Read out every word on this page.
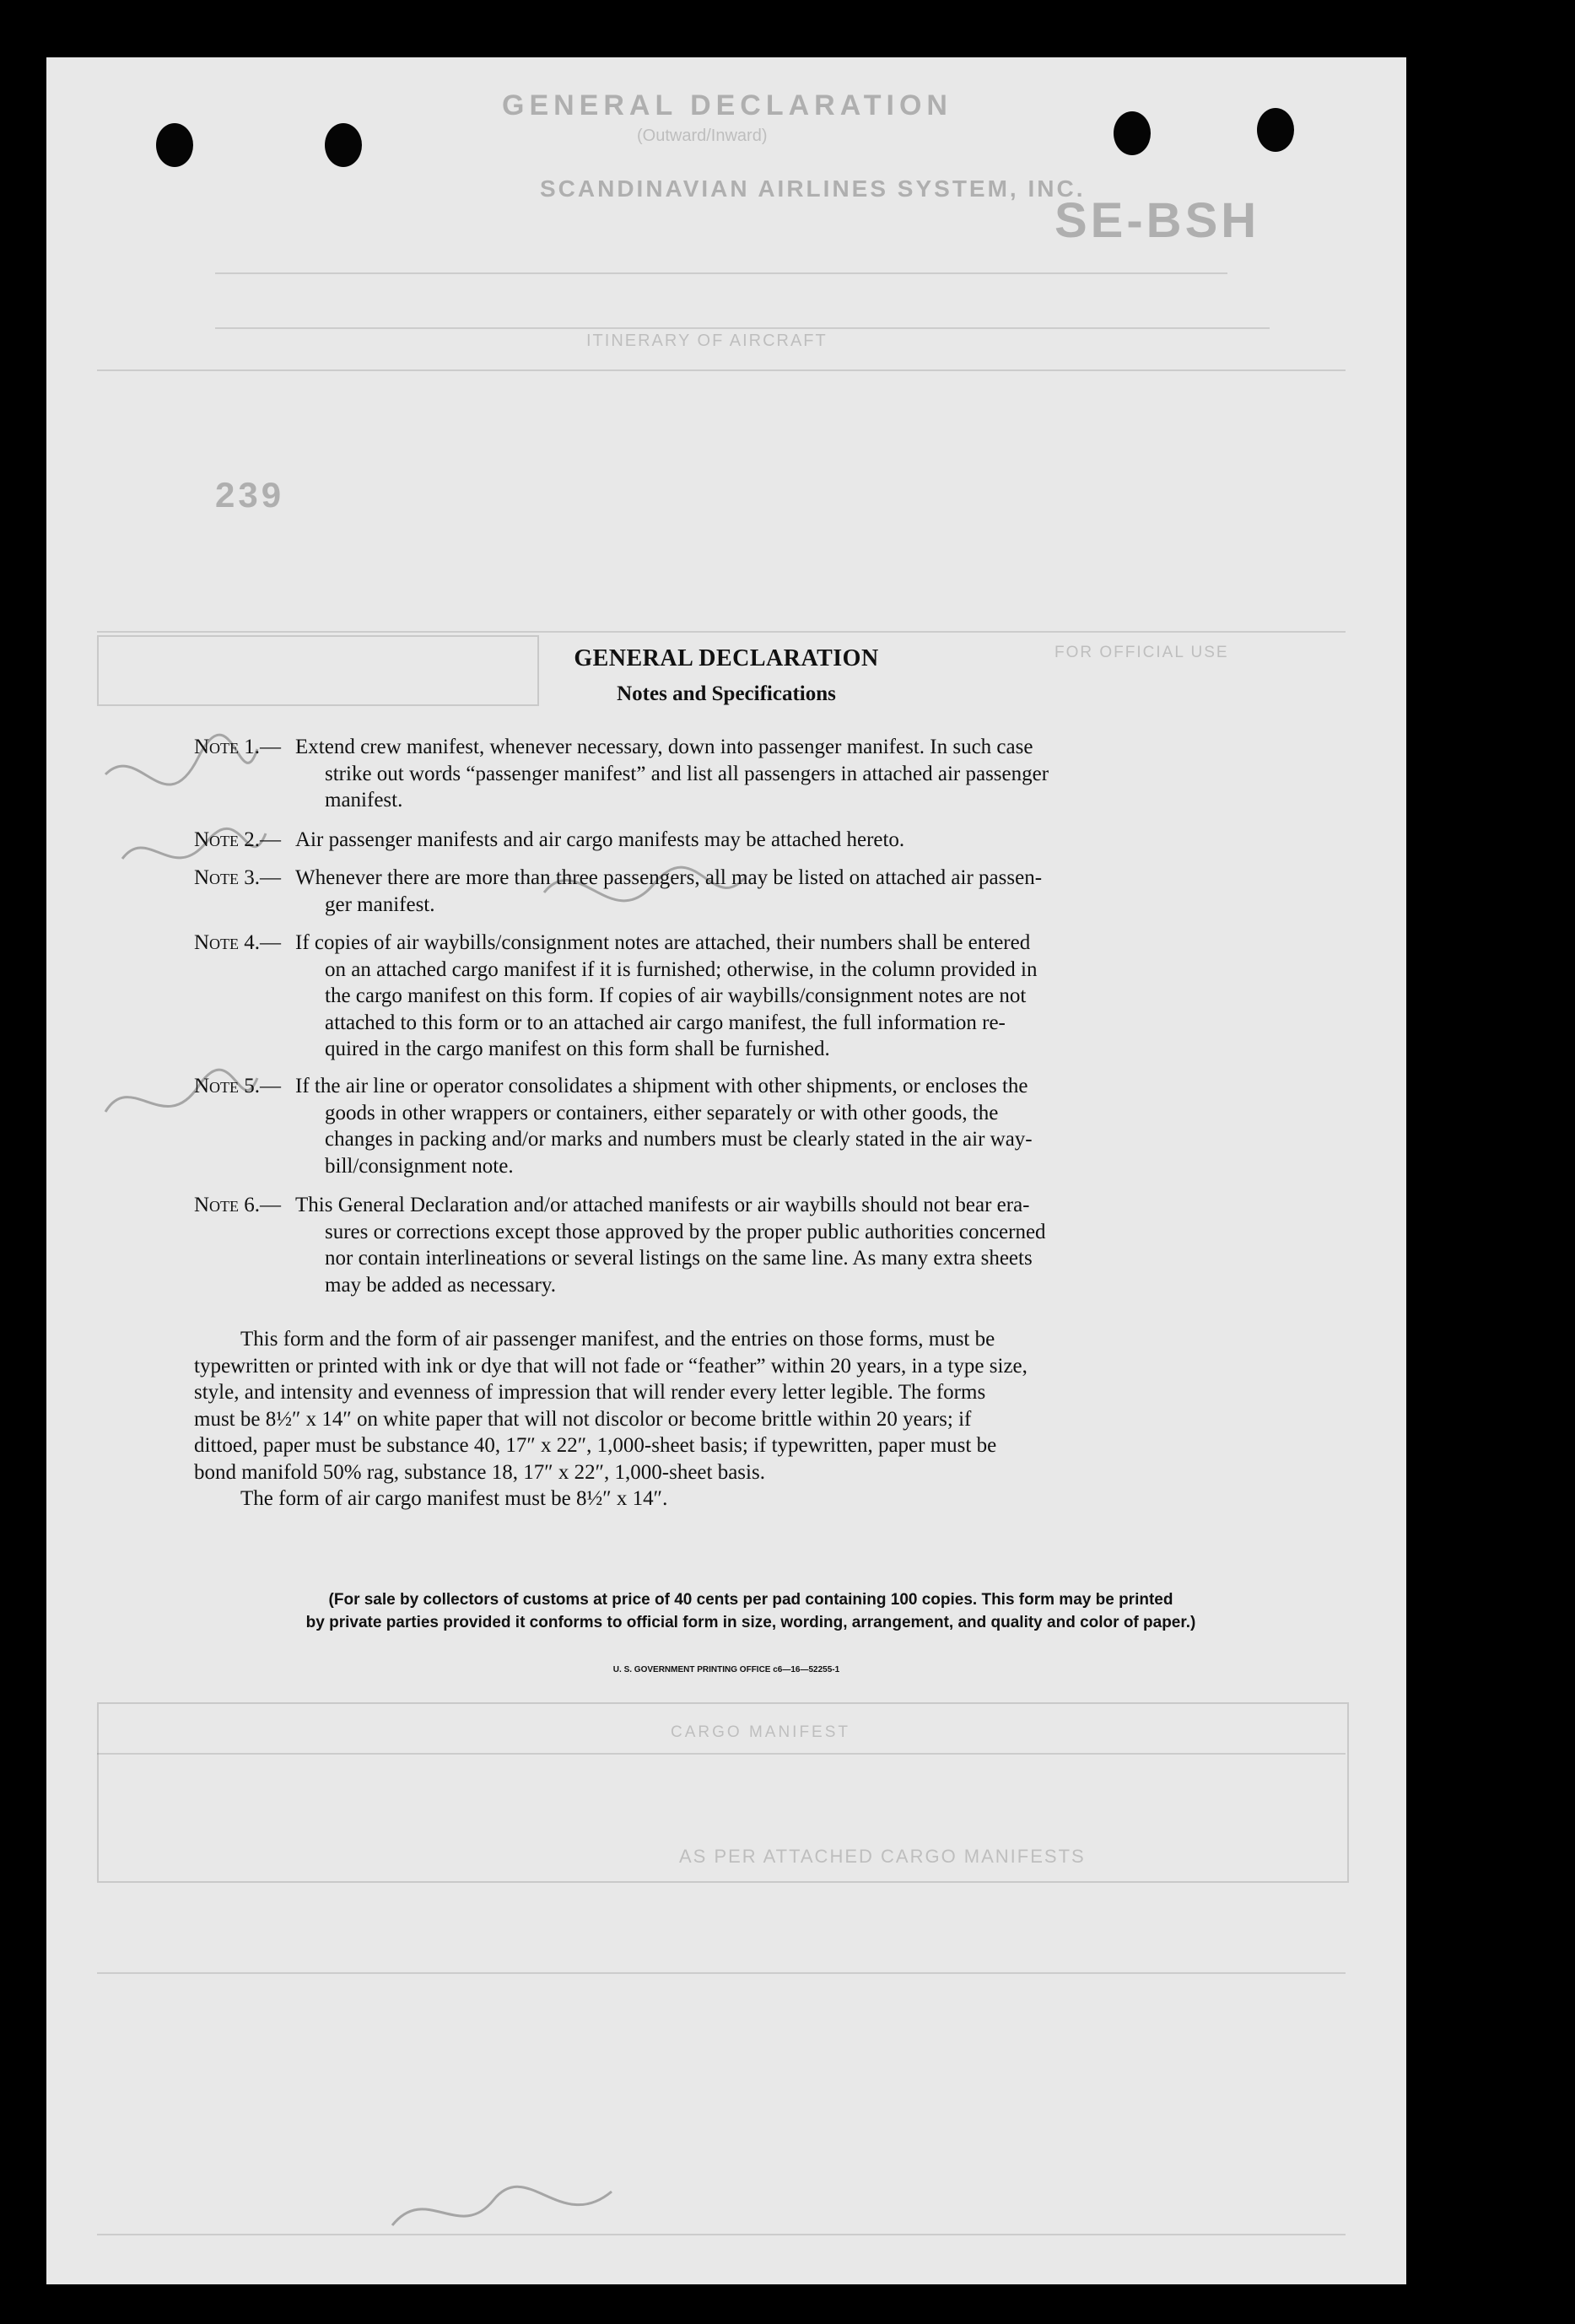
GENERAL DECLARATION
(Outward/Inward)
SCANDINAVIAN AIRLINES SYSTEM, INC.
SE-BSH
239
ITINERARY OF AIRCRAFT
FOR OFFICIAL USE
CARGO MANIFEST
AS PER ATTACHED CARGO MANIFESTS
GENERAL DECLARATION
Notes and Specifications
Note 1.— Extend crew manifest, whenever necessary, down into passenger manifest. In such case
strike out words “passenger manifest” and list all passengers in attached air passenger
manifest.
Note 2.— Air passenger manifests and air cargo manifests may be attached hereto.
Note 3.— Whenever there are more than three passengers, all may be listed on attached air passen-
ger manifest.
Note 4.— If copies of air waybills/consignment notes are attached, their numbers shall be entered
on an attached cargo manifest if it is furnished; otherwise, in the column provided in
the cargo manifest on this form. If copies of air waybills/consignment notes are not
attached to this form or to an attached air cargo manifest, the full information re-
quired in the cargo manifest on this form shall be furnished.
Note 5.— If the air line or operator consolidates a shipment with other shipments, or encloses the
goods in other wrappers or containers, either separately or with other goods, the
changes in packing and/or marks and numbers must be clearly stated in the air way-
bill/consignment note.
Note 6.— This General Declaration and/or attached manifests or air waybills should not bear era-
sures or corrections except those approved by the proper public authorities concerned
nor contain interlineations or several listings on the same line. As many extra sheets
may be added as necessary.
This form and the form of air passenger manifest, and the entries on those forms, must be
typewritten or printed with ink or dye that will not fade or “feather” within 20 years, in a type size,
style, and intensity and evenness of impression that will render every letter legible. The forms
must be 8½″ x 14″ on white paper that will not discolor or become brittle within 20 years; if
dittoed, paper must be substance 40, 17″ x 22″, 1,000-sheet basis; if typewritten, paper must be
bond manifold 50% rag, substance 18, 17″ x 22″, 1,000-sheet basis.
The form of air cargo manifest must be 8½″ x 14″.
(For sale by collectors of customs at price of 40 cents per pad containing 100 copies. This form may be printed
by private parties provided it conforms to official form in size, wording, arrangement, and quality and color of paper.)
U. S. GOVERNMENT PRINTING OFFICE c6—16—52255-1
